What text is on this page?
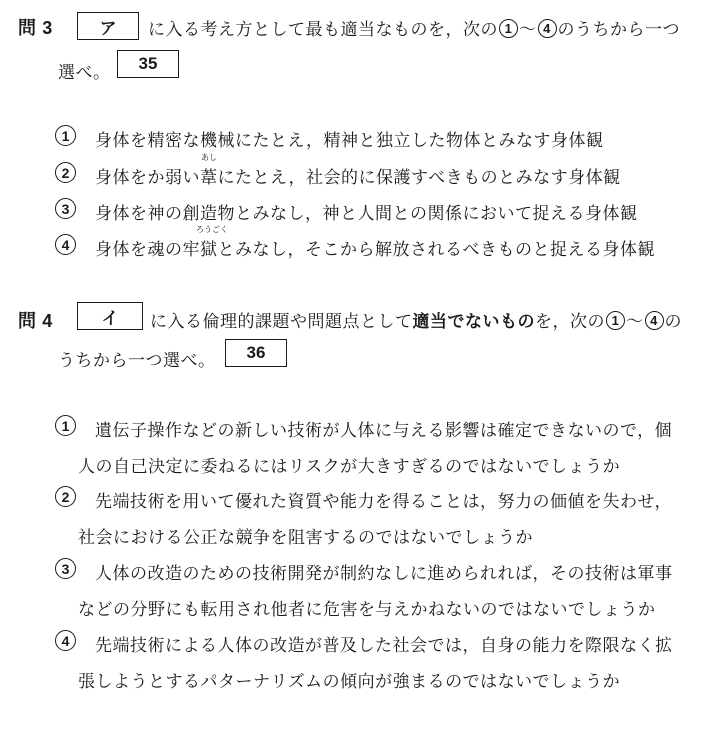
問 3	ア に入る考え方として最も適当なものを，次の 1 〜 4 のうちから一つ
選べ。 35
1	身体を精密な機械にたとえ，精神と独立した物体とみなす身体観
あし
2	身体をか弱い葦にたとえ，社会的に保護すべきものとみなす身体観
3	身体を神の創造物とみなし，神と人間との関係において捉える身体観
ろうごく
4	身体を魂の牢獄とみなし，そこから解放されるべきものと捉える身体観
問 4	イ に入る倫理的課題や問題点として適当でないものを，次の 1 〜 4 の
うちから一つ選べ。 36
1	遺伝子操作などの新しい技術が人体に与える影響は確定できないので，個
人の自己決定に委ねるにはリスクが大きすぎるのではないでしょうか
2	先端技術を用いて優れた資質や能力を得ることは，努力の価値を失わせ，
社会における公正な競争を阻害するのではないでしょうか
3	人体の改造のための技術開発が制約なしに進められれば，その技術は軍事
などの分野にも転用され他者に危害を与えかねないのではないでしょうか
4	先端技術による人体の改造が普及した社会では，自身の能力を際限なく拡
張しようとするパターナリズムの傾向が強まるのではないでしょうか
